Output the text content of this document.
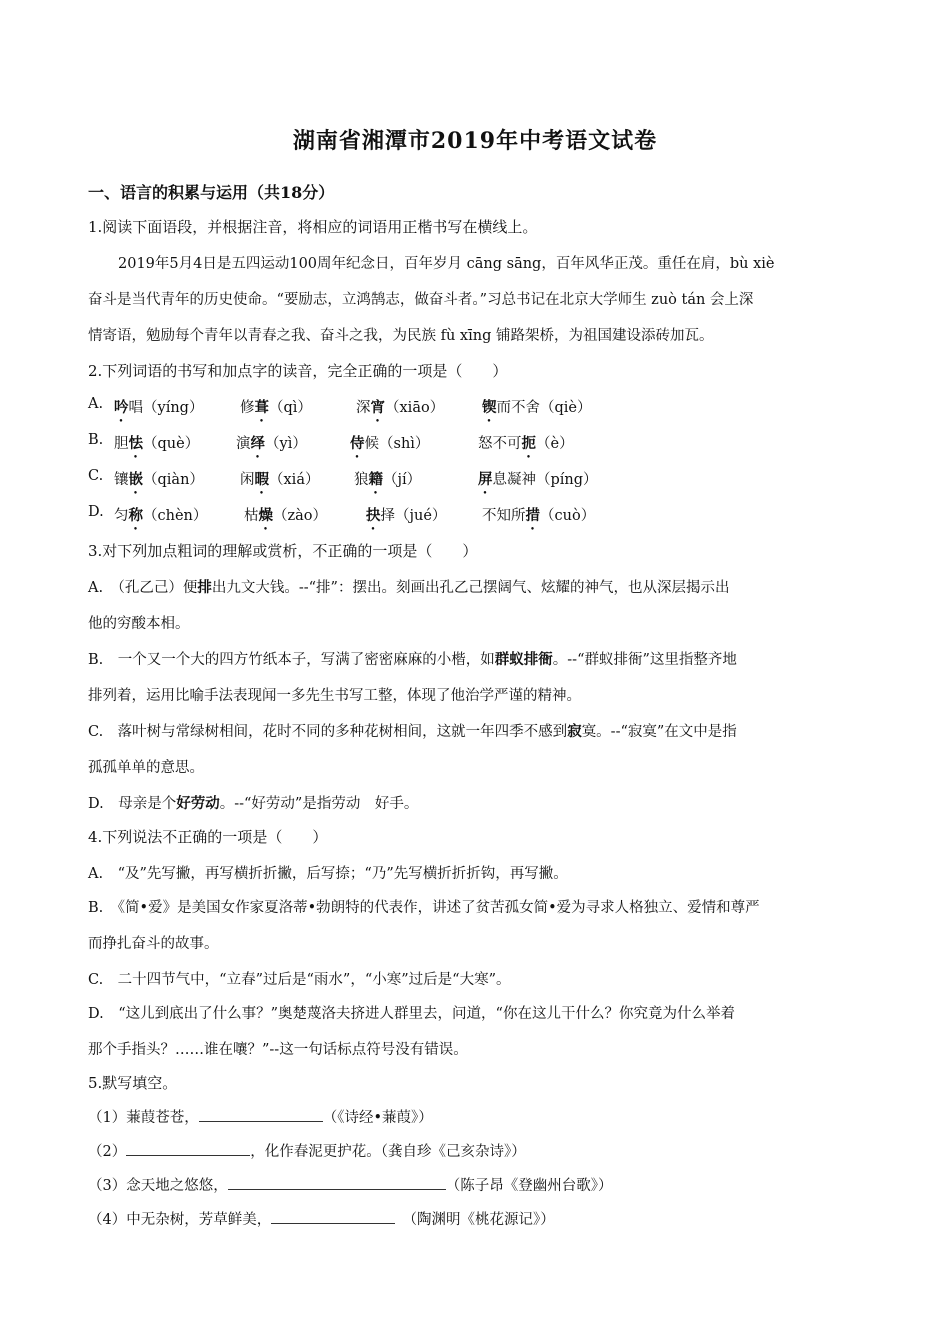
湖南省湘潭市2019年中考语文试卷
一、语言的积累与运用（共18分）
1.阅读下面语段，并根据注音，将相应的词语用正楷书写在横线上。
2019年5月4日是五四运动100周年纪念日，百年岁月 cāng sāng，百年风华正茂。重任在肩，bù xiè
奋斗是当代青年的历史使命。“要励志，立鸿鹄志，做奋斗者。”习总书记在北京大学师生 zuò tán 会上深
情寄语，勉励每个青年以青春之我、奋斗之我，为民族 fù xīng 铺路架桥，为祖国建设添砖加瓦。
2.下列词语的书写和加点字的读音，完全正确的一项是（　　）
A. 吟唱（yíng）	修葺（qì）	深宵（xiāo）	锲而不舍（qiè）
B. 胆怯（què）	演绎（yì）	侍候（shì）	怒不可扼（è）
C. 镶嵌（qiàn） 闲暇（xiá） 狼籍（jí）	屏息凝神（píng）
D. 匀称（chèn）	枯燥（zào）	抉择（jué） 不知所措（cuò）
3.对下列加点粗词的理解或赏析，不正确的一项是（　　）
A.　（孔乙己）便排出九文大钱。--“排”：摆出。刻画出孔乙己摆阔气、炫耀的神气，也从深层揭示出
他的穷酸本相。
B.　一个又一个大的四方竹纸本子，写满了密密麻麻的小楷，如群蚁排衙。--“群蚁排衙”这里指整齐地
排列着，运用比喻手法表现闻一多先生书写工整，体现了他治学严谨的精神。
C.　落叶树与常绿树相间，花时不同的多种花树相间，这就一年四季不感到寂寞。--“寂寞”在文中是指
孤孤单单的意思。
D.　母亲是个好劳动。--“好劳动”是指劳动　好手。
4.下列说法不正确的一项是（　　）
A.　“及”先写撇，再写横折折撇，后写捺；“乃”先写横折折折钩，再写撇。
B.　《简•爱》是美国女作家夏洛蒂•勃朗特的代表作，讲述了贫苦孤女简•爱为寻求人格独立、爱情和尊严
而挣扎奋斗的故事。
C.　二十四节气中，“立春”过后是“雨水”，“小寒”过后是“大寒”。
D.　“这儿到底出了什么事？”奥楚蔑洛夫挤进人群里去，问道，“你在这儿干什么？你究竟为什么举着
那个手指头？……谁在嚷？”--这一句话标点符号没有错误。
5.默写填空。
（1）蒹葭苍苍，	（《诗经•蒹葭》）
（2）	，化作春泥更护花。（龚自珍《己亥杂诗》）
（3）念天地之悠悠，	（陈子昂《登幽州台歌》）
（4）中无杂树，芳草鲜美，	　（陶渊明《桃花源记》）
